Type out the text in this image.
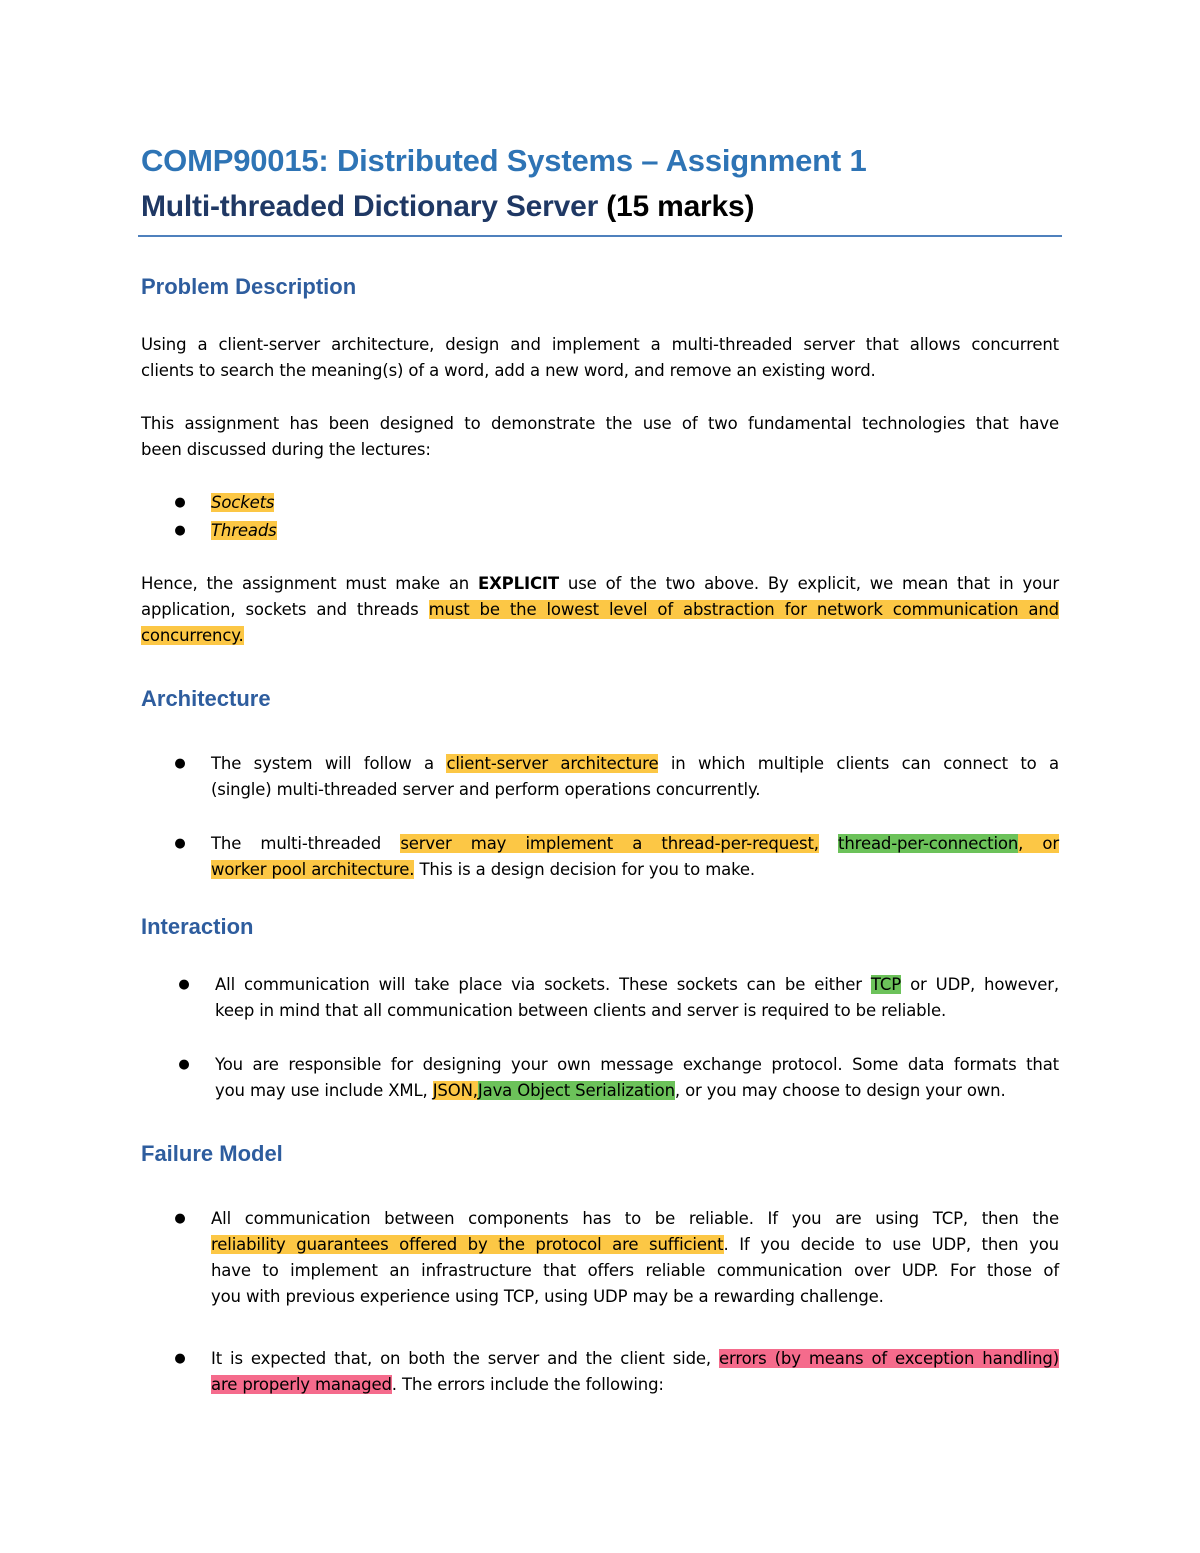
COMP90015: Distributed Systems – Assignment 1
Multi-threaded Dictionary Server (15 marks)
Problem Description
Using a client-server architecture, design and implement a multi-threaded server that allows concurrent
clients to search the meaning(s) of a word, add a new word, and remove an existing word.
This assignment has been designed to demonstrate the use of two fundamental technologies that have
been discussed during the lectures:
● Sockets
● Threads
Hence, the assignment must make an EXPLICIT use of the two above. By explicit, we mean that in your
application, sockets and threads must be the lowest level of abstraction for network communication and
concurrency.
Architecture
● The system will follow a client-server architecture in which multiple clients can connect to a
(single) multi-threaded server and perform operations concurrently.
● The multi-threaded server may implement a thread-per-request, thread-per-connection, or
worker pool architecture. This is a design decision for you to make.
Interaction
● All communication will take place via sockets. These sockets can be either TCP or UDP, however,
keep in mind that all communication between clients and server is required to be reliable.
● You are responsible for designing your own message exchange protocol. Some data formats that
you may use include XML, JSON,Java Object Serialization, or you may choose to design your own.
Failure Model
● All communication between components has to be reliable. If you are using TCP, then the
reliability guarantees offered by the protocol are sufficient. If you decide to use UDP, then you
have to implement an infrastructure that offers reliable communication over UDP. For those of
you with previous experience using TCP, using UDP may be a rewarding challenge.
● It is expected that, on both the server and the client side, errors (by means of exception handling)
are properly managed. The errors include the following:
